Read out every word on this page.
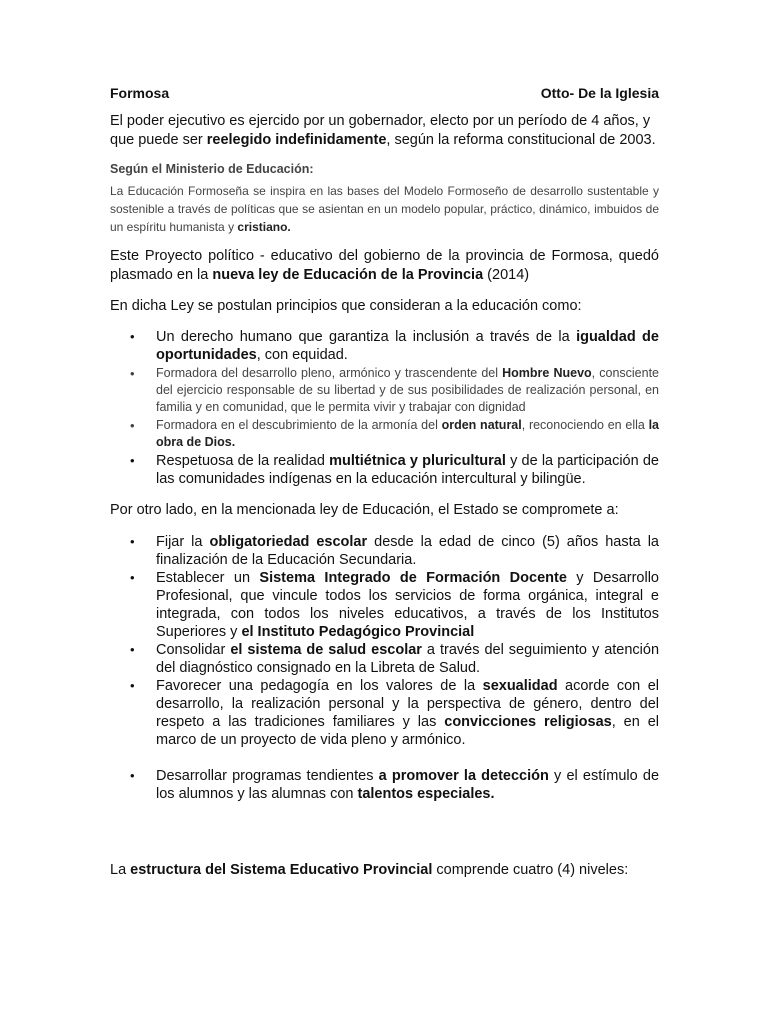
Formosa	Otto- De la Iglesia

El poder ejecutivo es ejercido por un gobernador, electo por un período de 4 años, y que puede ser reelegido indefinidamente, según la reforma constitucional de 2003.

Según el Ministerio de Educación:

La Educación Formoseña se inspira en las bases del Modelo Formoseño de desarrollo sustentable y sostenible a través de políticas que se asientan en un modelo popular, práctico, dinámico, imbuidos de un espíritu humanista y cristiano.

Este Proyecto político - educativo del gobierno de la provincia de Formosa, quedó plasmado en la nueva ley de Educación de la Provincia (2014)

En dicha Ley se postulan principios que consideran a la educación como:

• Un derecho humano que garantiza la inclusión a través de la igualdad de oportunidades, con equidad.
• Formadora del desarrollo pleno, armónico y trascendente del Hombre Nuevo, consciente del ejercicio responsable de su libertad y de sus posibilidades de realización personal, en familia y en comunidad, que le permita vivir y trabajar con dignidad
• Formadora en el descubrimiento de la armonía del orden natural, reconociendo en ella la obra de Dios.
• Respetuosa de la realidad multiétnica y pluricultural y de la participación de las comunidades indígenas en la educación intercultural y bilingüe.

Por otro lado, en la mencionada ley de Educación, el Estado se compromete a:

• Fijar la obligatoriedad escolar desde la edad de cinco (5) años hasta la finalización de la Educación Secundaria.
• Establecer un Sistema Integrado de Formación Docente y Desarrollo Profesional, que vincule todos los servicios de forma orgánica, integral e integrada, con todos los niveles educativos, a través de los Institutos Superiores y el Instituto Pedagógico Provincial
• Consolidar el sistema de salud escolar a través del seguimiento y atención del diagnóstico consignado en la Libreta de Salud.
• Favorecer una pedagogía en los valores de la sexualidad acorde con el desarrollo, la realización personal y la perspectiva de género, dentro del respeto a las tradiciones familiares y las convicciones religiosas, en el marco de un proyecto de vida pleno y armónico.
• Desarrollar programas tendientes a promover la detección y el estímulo de los alumnos y las alumnas con talentos especiales.

La estructura del Sistema Educativo Provincial comprende cuatro (4) niveles:
